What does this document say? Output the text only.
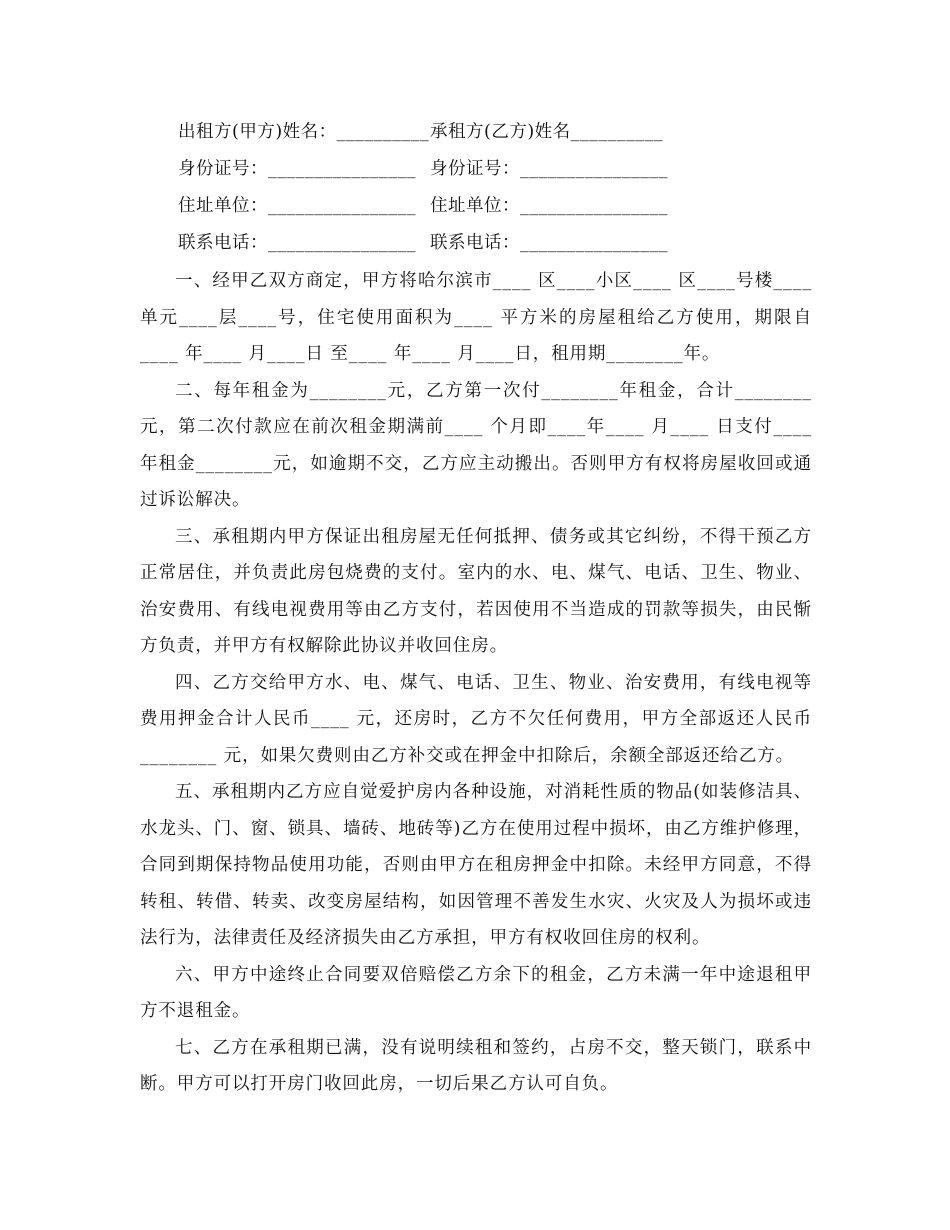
出租方(甲方)姓名：__________承租方(乙方)姓名__________
身份证号：________________ 身份证号：________________
住址单位：________________ 住址单位：________________
联系电话：________________ 联系电话：________________

一、经甲乙双方商定，甲方将哈尔滨市____ 区____小区____ 区____号楼____单元____层____号，住宅使用面积为____ 平方米的房屋租给乙方使用，期限自____ 年____ 月____日 至____ 年____ 月____日，租用期________年。

二、每年租金为________元，乙方第一次付________年租金，合计________元，第二次付款应在前次租金期满前____ 个月即____年____ 月____ 日支付____年租金________元，如逾期不交，乙方应主动搬出。否则甲方有权将房屋收回或通过诉讼解决。

三、承租期内甲方保证出租房屋无任何抵押、债务或其它纠纷，不得干预乙方正常居住，并负责此房包烧费的支付。室内的水、电、煤气、电话、卫生、物业、治安费用、有线电视费用等由乙方支付，若因使用不当造成的罚款等损失，由民惭方负责，并甲方有权解除此协议并收回住房。

四、乙方交给甲方水、电、煤气、电话、卫生、物业、治安费用，有线电视等费用押金合计人民币____ 元，还房时，乙方不欠任何费用，甲方全部返还人民币________ 元，如果欠费则由乙方补交或在押金中扣除后，余额全部返还给乙方。

五、承租期内乙方应自觉爱护房内各种设施，对消耗性质的物品(如装修洁具、水龙头、门、窗、锁具、墙砖、地砖等)乙方在使用过程中损坏，由乙方维护修理，合同到期保持物品使用功能，否则由甲方在租房押金中扣除。未经甲方同意，不得转租、转借、转卖、改变房屋结构，如因管理不善发生水灾、火灾及人为损坏或违法行为，法律责任及经济损失由乙方承担，甲方有权收回住房的权利。

六、甲方中途终止合同要双倍赔偿乙方余下的租金，乙方未满一年中途退租甲方不退租金。

七、乙方在承租期已满，没有说明续租和签约，占房不交，整天锁门，联系中断。甲方可以打开房门收回此房，一切后果乙方认可自负。
